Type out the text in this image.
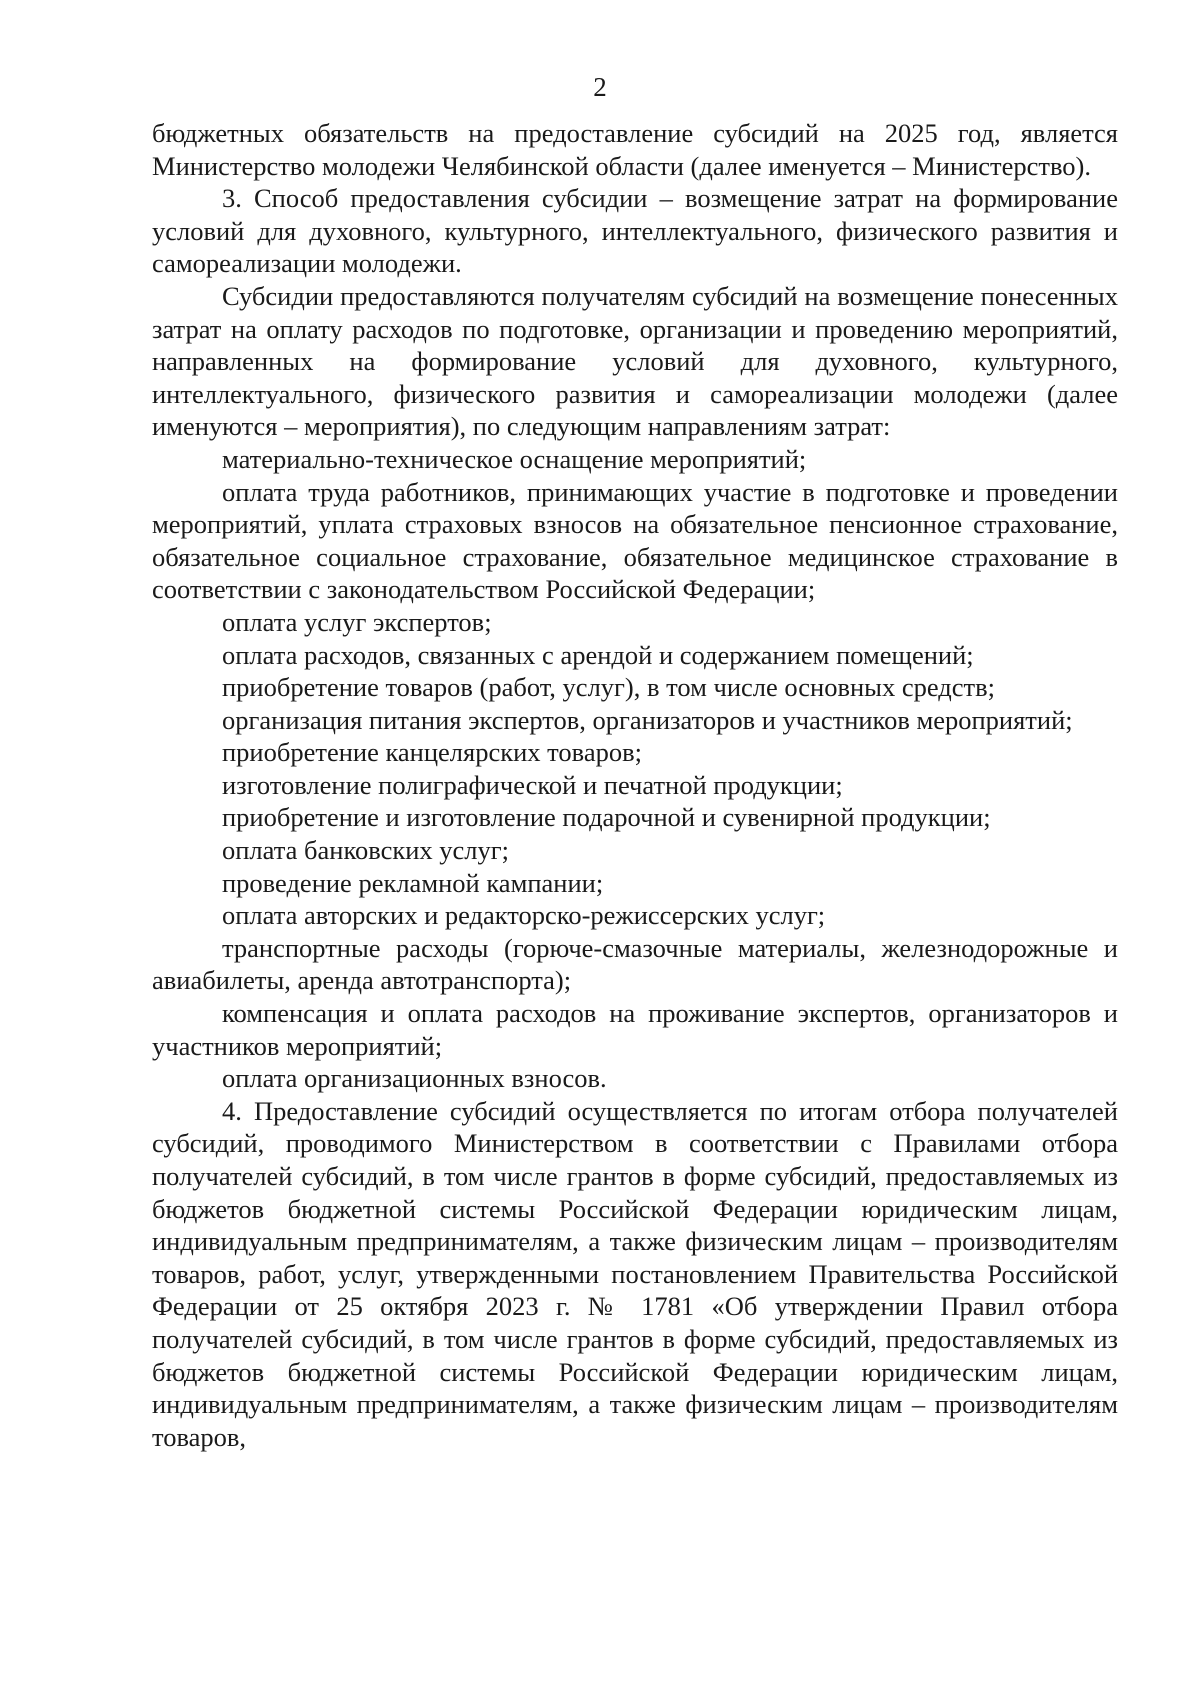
2

бюджетных обязательств на предоставление субсидий на 2025 год, является Министерство молодежи Челябинской области (далее именуется – Министерство).

3. Способ предоставления субсидии – возмещение затрат на формирование условий для духовного, культурного, интеллектуального, физического развития и самореализации молодежи.

Субсидии предоставляются получателям субсидий на возмещение понесенных затрат на оплату расходов по подготовке, организации и проведению мероприятий, направленных на формирование условий для духовного, культурного, интеллектуального, физического развития и самореализации молодежи (далее именуются – мероприятия), по следующим направлениям затрат:

материально-техническое оснащение мероприятий;

оплата труда работников, принимающих участие в подготовке и проведении мероприятий, уплата страховых взносов на обязательное пенсионное страхование, обязательное социальное страхование, обязательное медицинское страхование в соответствии с законодательством Российской Федерации;

оплата услуг экспертов;

оплата расходов, связанных с арендой и содержанием помещений;

приобретение товаров (работ, услуг), в том числе основных средств;

организация питания экспертов, организаторов и участников мероприятий;

приобретение канцелярских товаров;

изготовление полиграфической и печатной продукции;

приобретение и изготовление подарочной и сувенирной продукции;

оплата банковских услуг;

проведение рекламной кампании;

оплата авторских и редакторско-режиссерских услуг;

транспортные расходы (горюче-смазочные материалы, железнодорожные и авиабилеты, аренда автотранспорта);

компенсация и оплата расходов на проживание экспертов, организаторов и участников мероприятий;

оплата организационных взносов.

4. Предоставление субсидий осуществляется по итогам отбора получателей субсидий, проводимого Министерством в соответствии с Правилами отбора получателей субсидий, в том числе грантов в форме субсидий, предоставляемых из бюджетов бюджетной системы Российской Федерации юридическим лицам, индивидуальным предпринимателям, а также физическим лицам – производителям товаров, работ, услуг, утвержденными постановлением Правительства Российской Федерации от 25 октября 2023 г. № 1781 «Об утверждении Правил отбора получателей субсидий, в том числе грантов в форме субсидий, предоставляемых из бюджетов бюджетной системы Российской Федерации юридическим лицам, индивидуальным предпринимателям, а также физическим лицам – производителям товаров,
